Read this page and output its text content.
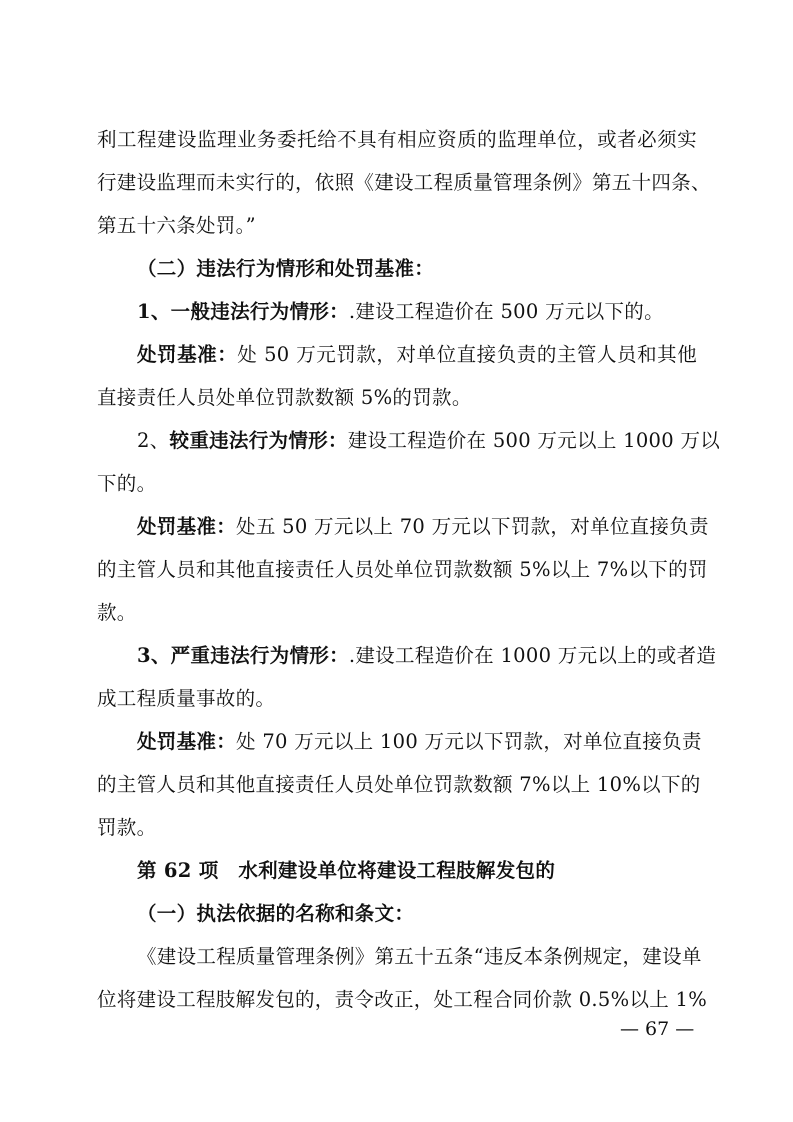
利工程建设监理业务委托给不具有相应资质的监理单位，或者必须实
行建设监理而未实行的，依照《建设工程质量管理条例》第五十四条、
第五十六条处罚。”
（二）违法行为情形和处罚基准：
1、一般违法行为情形：.建设工程造价在 500 万元以下的。
处罚基准：处 50 万元罚款，对单位直接负责的主管人员和其他
直接责任人员处单位罚款数额 5%的罚款。
2、较重违法行为情形：建设工程造价在 500 万元以上 1000 万以
下的。
处罚基准：处五 50 万元以上 70 万元以下罚款，对单位直接负责
的主管人员和其他直接责任人员处单位罚款数额 5%以上 7%以下的罚
款。
3、严重违法行为情形：.建设工程造价在 1000 万元以上的或者造
成工程质量事故的。
处罚基准：处 70 万元以上 100 万元以下罚款，对单位直接负责
的主管人员和其他直接责任人员处单位罚款数额 7%以上 10%以下的
罚款。
第 62 项　水利建设单位将建设工程肢解发包的
（一）执法依据的名称和条文：
《建设工程质量管理条例》第五十五条“违反本条例规定，建设单
位将建设工程肢解发包的，责令改正，处工程合同价款 0.5%以上 1%
— 67 —
